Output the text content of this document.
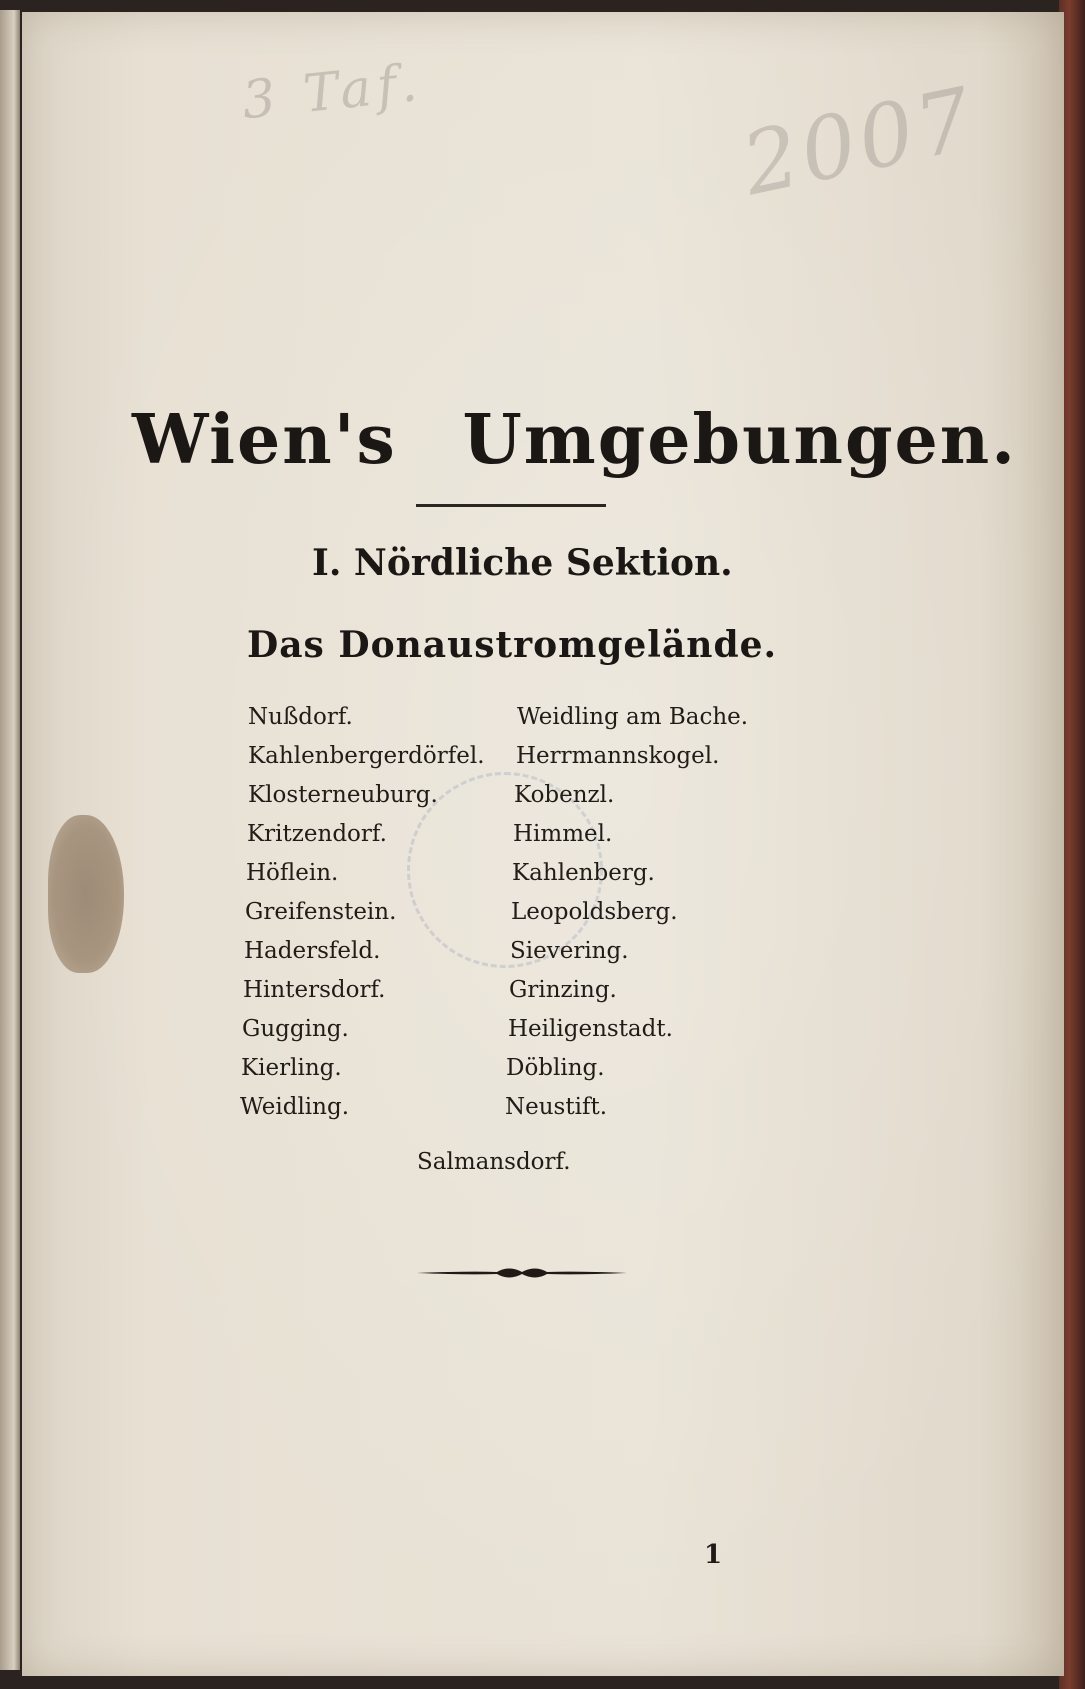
3 Taf.	2007
Wien's Umgebungen.
I. Nördliche Sektion.
Das Donaustromgelände.
Nußdorf.
Kahlenbergerdörfel.
Klosterneuburg.
Kritzendorf.
Höflein.
Greifenstein.
Hadersfeld.
Hintersdorf.
Gugging.
Kierling.
Weidling.
Weidling am Bache.
Herrmannskogel.
Kobenzl.
Himmel.
Kahlenberg.
Leopoldsberg.
Sievering.
Grinzing.
Heiligenstadt.
Döbling.
Neustift.
Salmansdorf.
1
